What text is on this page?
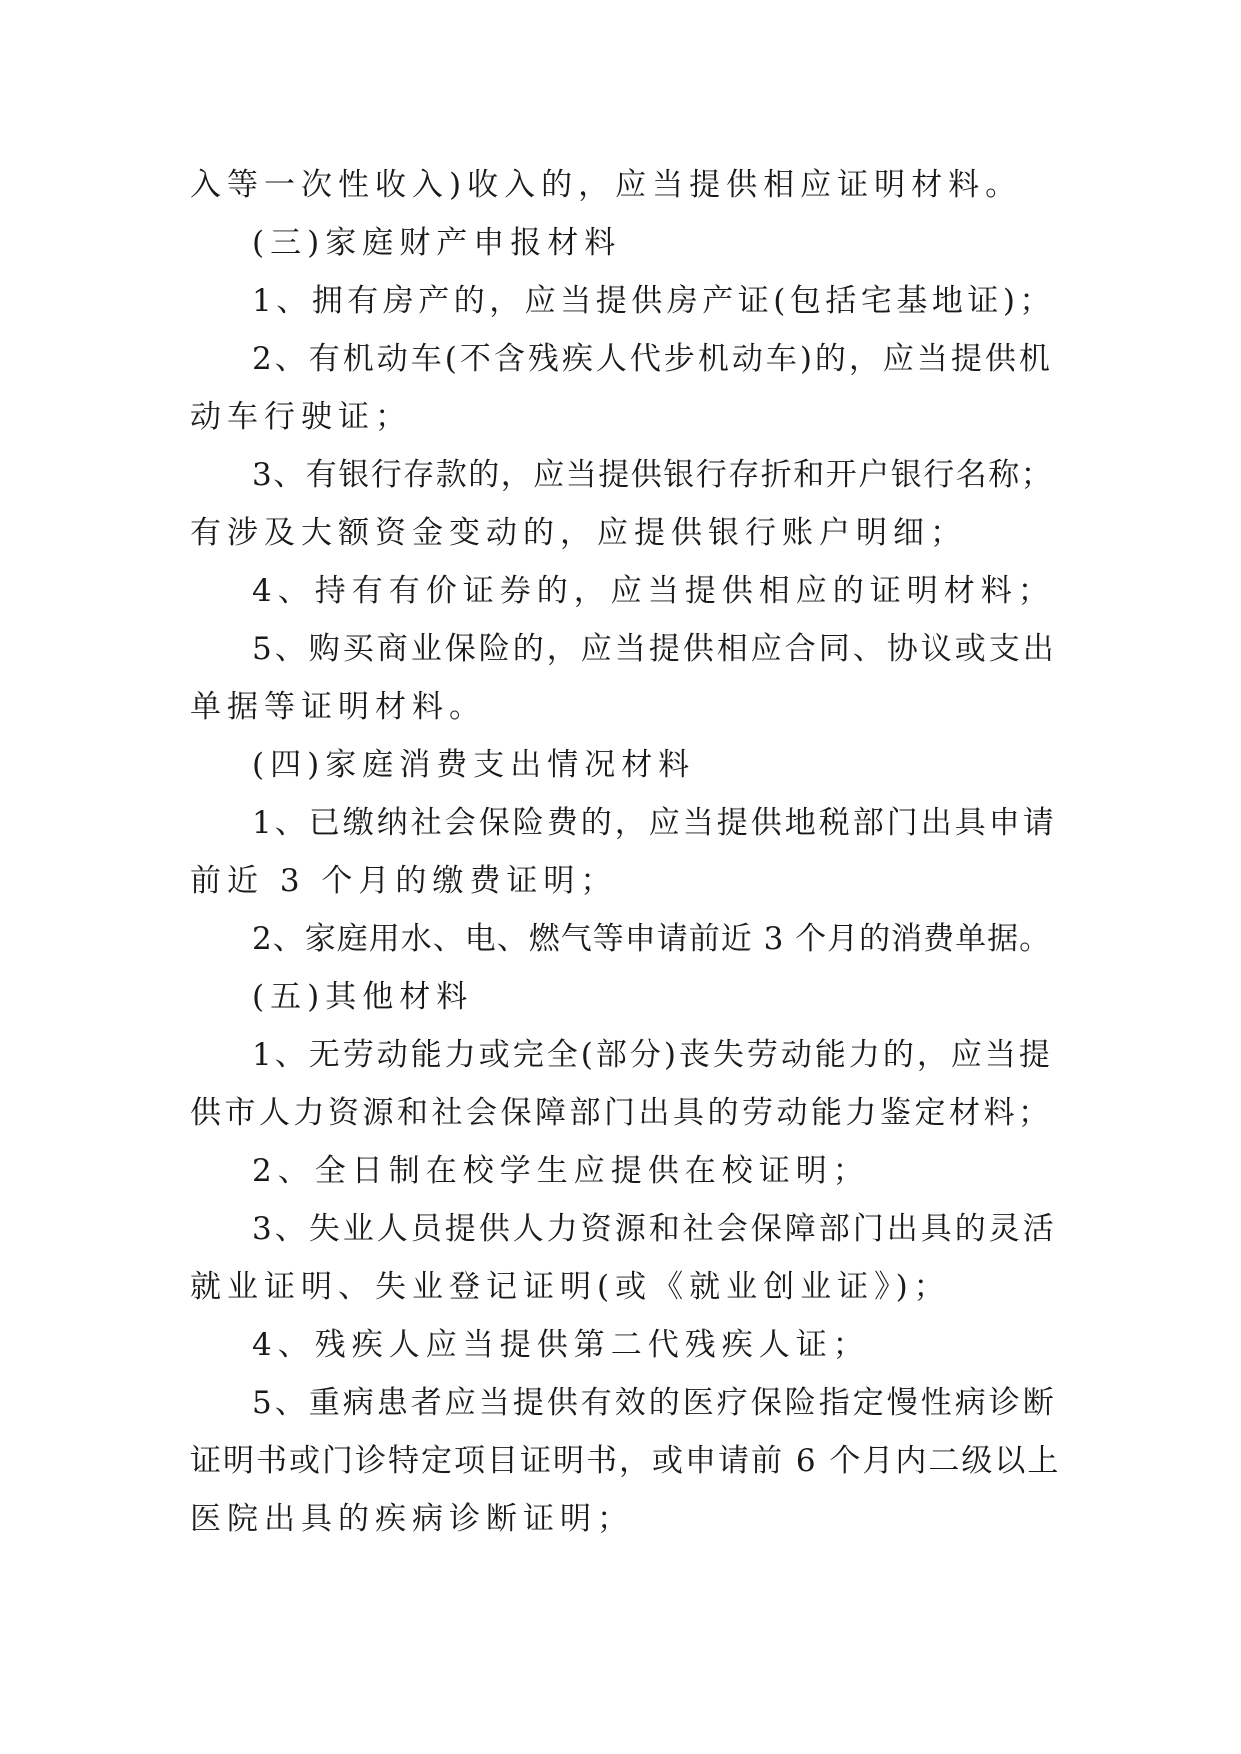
入等一次性收入)收入的，应当提供相应证明材料。
(三)家庭财产申报材料
1、拥有房产的，应当提供房产证(包括宅基地证)；
2、有机动车(不含残疾人代步机动车)的，应当提供机
动车行驶证；
3、有银行存款的，应当提供银行存折和开户银行名称；
有涉及大额资金变动的，应提供银行账户明细；
4、持有有价证券的，应当提供相应的证明材料；
5、购买商业保险的，应当提供相应合同、协议或支出
单据等证明材料。
(四)家庭消费支出情况材料
1、已缴纳社会保险费的，应当提供地税部门出具申请
前近 3 个月的缴费证明；
2、家庭用水、电、燃气等申请前近 3 个月的消费单据。
(五)其他材料
1、无劳动能力或完全(部分)丧失劳动能力的，应当提
供市人力资源和社会保障部门出具的劳动能力鉴定材料；
2、全日制在校学生应提供在校证明；
3、失业人员提供人力资源和社会保障部门出具的灵活
就业证明、失业登记证明(或《就业创业证》)；
4、残疾人应当提供第二代残疾人证；
5、重病患者应当提供有效的医疗保险指定慢性病诊断
证明书或门诊特定项目证明书，或申请前 6 个月内二级以上
医院出具的疾病诊断证明；
